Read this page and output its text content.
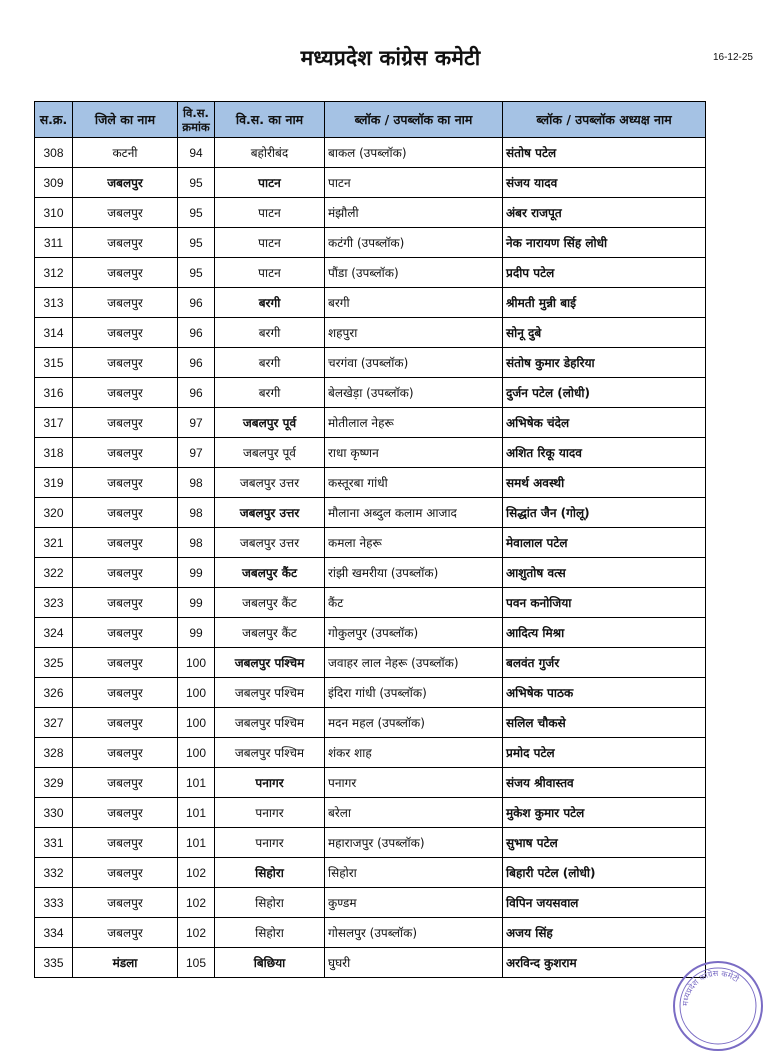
मध्यप्रदेश कांग्रेस कमेटी	16-12-25
स.क्र.	जिले का नाम	वि.स. क्रमांक	वि.स. का नाम	ब्लॉक / उपब्लॉक का नाम	ब्लॉक / उपब्लॉक अध्यक्ष नाम
308	कटनी	94	बहोरीबंद	बाकल (उपब्लॉक)	संतोष पटेल
309	जबलपुर	95	पाटन	पाटन	संजय यादव
310	जबलपुर	95	पाटन	मंझौली	अंबर राजपूत
311	जबलपुर	95	पाटन	कटंगी (उपब्लॉक)	नेक नारायण सिंह लोधी
312	जबलपुर	95	पाटन	पौंडा (उपब्लॉक)	प्रदीप पटेल
313	जबलपुर	96	बरगी	बरगी	श्रीमती मुन्नी बाई
314	जबलपुर	96	बरगी	शहपुरा	सोनू दुबे
315	जबलपुर	96	बरगी	चरगंवा (उपब्लॉक)	संतोष कुमार डेहरिया
316	जबलपुर	96	बरगी	बेलखेड़ा (उपब्लॉक)	दुर्जन पटेल (लोधी)
317	जबलपुर	97	जबलपुर पूर्व	मोतीलाल नेहरू	अभिषेक चंदेल
318	जबलपुर	97	जबलपुर पूर्व	राधा कृष्णन	अशित रिकू यादव
319	जबलपुर	98	जबलपुर उत्तर	कस्तूरबा गांधी	समर्थ अवस्थी
320	जबलपुर	98	जबलपुर उत्तर	मौलाना अब्दुल कलाम आजाद	सिद्धांत जैन (गोलू)
321	जबलपुर	98	जबलपुर उत्तर	कमला नेहरू	मेवालाल पटेल
322	जबलपुर	99	जबलपुर कैंट	रांझी खमरीया (उपब्लॉक)	आशुतोष वत्स
323	जबलपुर	99	जबलपुर कैंट	कैंट	पवन कनोजिया
324	जबलपुर	99	जबलपुर कैंट	गोकुलपुर (उपब्लॉक)	आदित्य मिश्रा
325	जबलपुर	100	जबलपुर पश्चिम	जवाहर लाल नेहरू (उपब्लॉक)	बलवंत गुर्जर
326	जबलपुर	100	जबलपुर पश्चिम	इंदिरा गांधी (उपब्लॉक)	अभिषेक पाठक
327	जबलपुर	100	जबलपुर पश्चिम	मदन महल (उपब्लॉक)	सलिल चौकसे
328	जबलपुर	100	जबलपुर पश्चिम	शंकर शाह	प्रमोद पटेल
329	जबलपुर	101	पनागर	पनागर	संजय श्रीवास्तव
330	जबलपुर	101	पनागर	बरेला	मुकेश कुमार पटेल
331	जबलपुर	101	पनागर	महाराजपुर (उपब्लॉक)	सुभाष पटेल
332	जबलपुर	102	सिहोरा	सिहोरा	बिहारी पटेल (लोधी)
333	जबलपुर	102	सिहोरा	कुण्डम	विपिन जयसवाल
334	जबलपुर	102	सिहोरा	गोसलपुर (उपब्लॉक)	अजय सिंह
335	मंडला	105	बिछिया	घुघरी	अरविन्द कुशराम
मध्यप्रदेश कांग्रेस कमेटी
